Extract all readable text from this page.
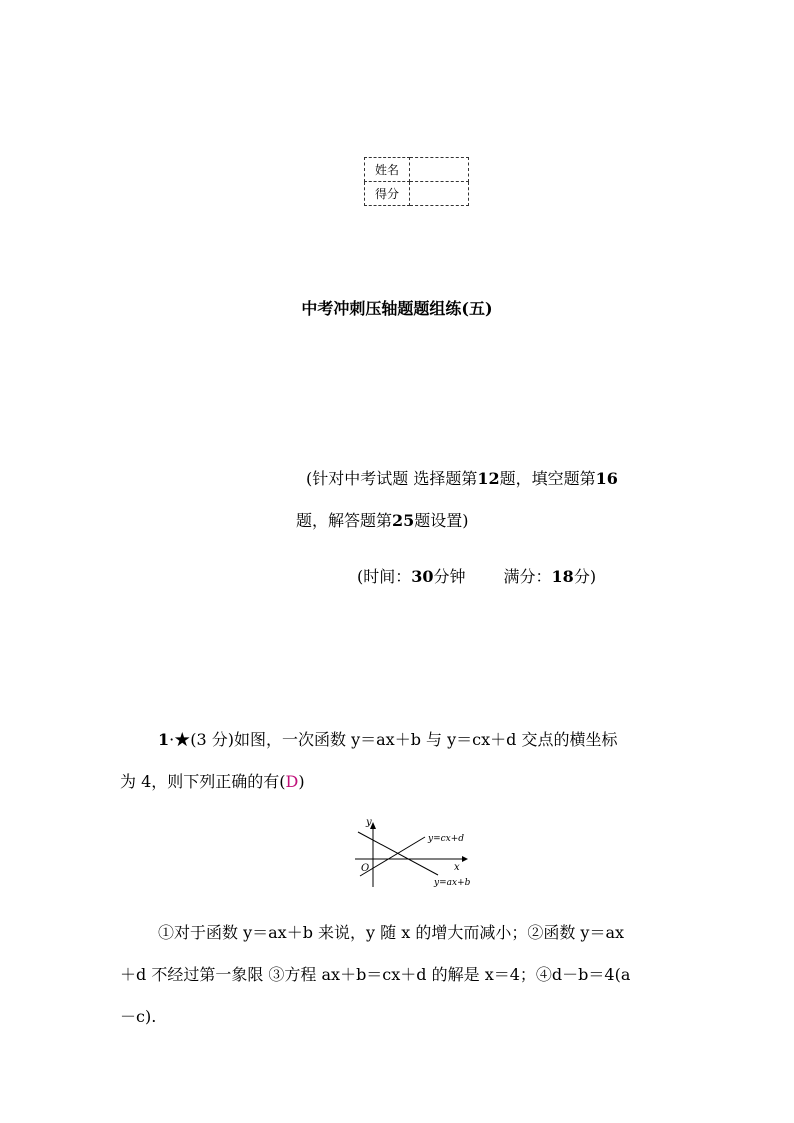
姓名	
得分	
中考冲刺压轴题题组练(五)
(针对中考试题 选择题第12题，填空题第16
题，解答题第25题设置)
(时间：30分钟 满分：18分)
1·★(3 分)如图，一次函数 y＝ax＋b 与 y＝cx＋d 交点的横坐标
为 4，则下列正确的有(D)
y
x
O
y=cx+d
y=ax+b
①对于函数 y＝ax＋b 来说，y 随 x 的增大而减小；②函数 y＝ax
＋d 不经过第一象限 ③方程 ax＋b＝cx＋d 的解是 x＝4；④d－b＝4(a
－c).
